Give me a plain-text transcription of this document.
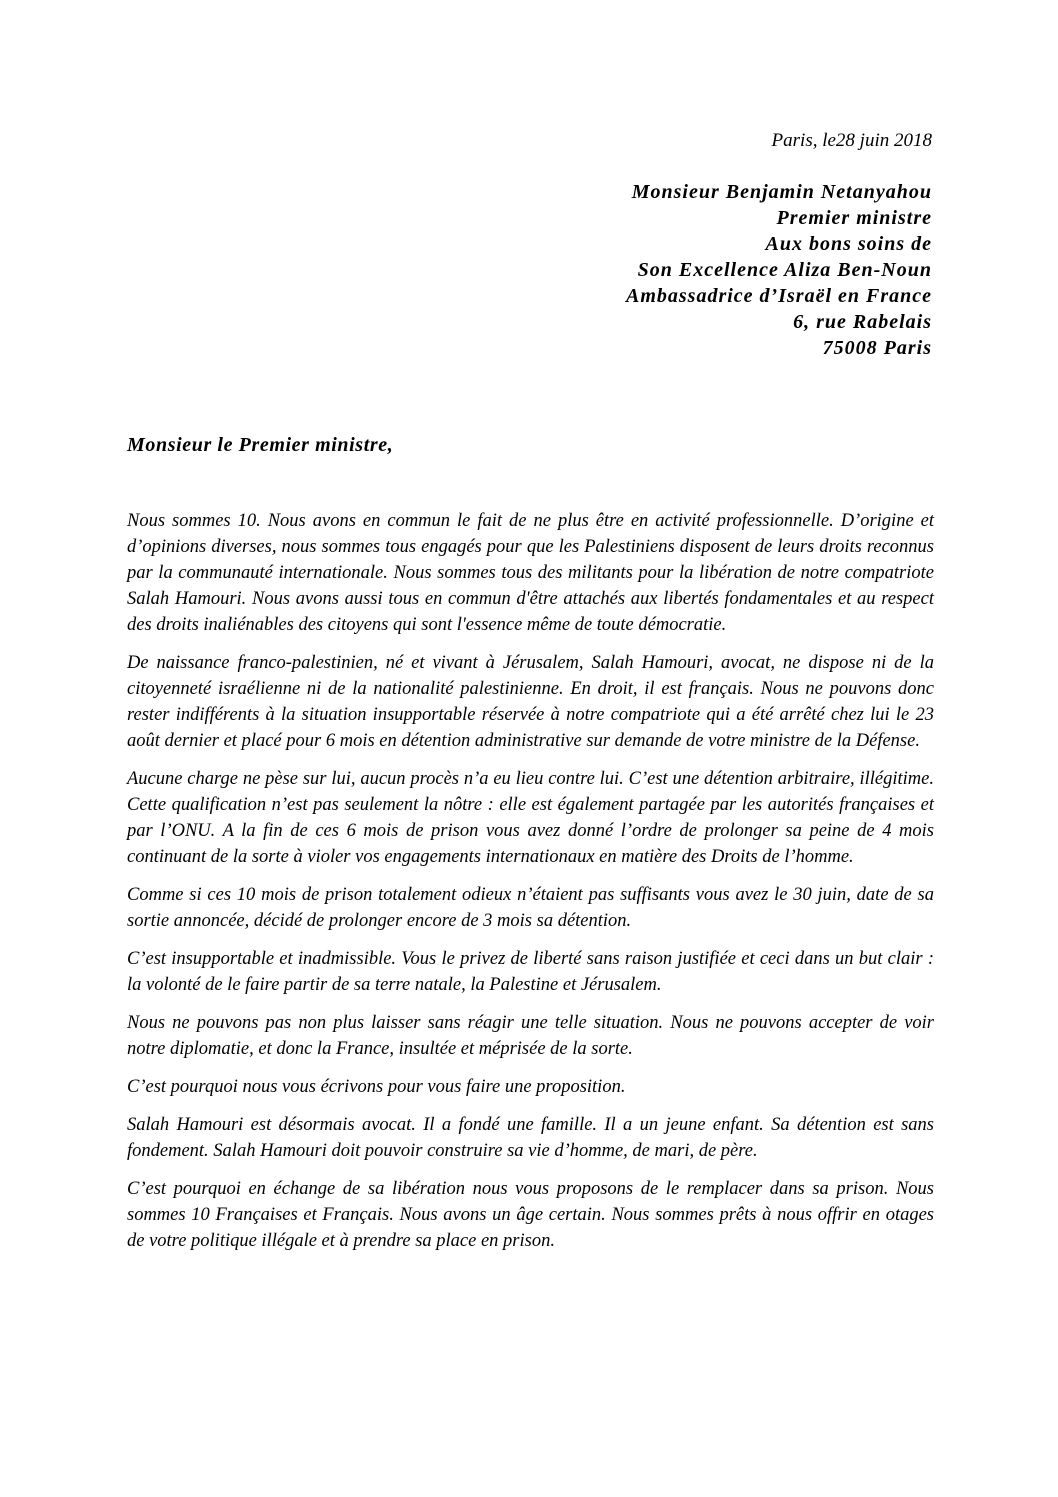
Paris, le28 juin 2018
Monsieur Benjamin Netanyahou
Premier ministre
Aux bons soins de
Son Excellence Aliza Ben-Noun
Ambassadrice d’Israël en France
6, rue Rabelais
75008 Paris
Monsieur le Premier ministre,

Nous sommes 10. Nous avons en commun le fait de ne plus être en activité professionnelle. D’origine et d’opinions diverses, nous sommes tous engagés pour que les Palestiniens disposent de leurs droits reconnus par la communauté internationale. Nous sommes tous des militants pour la libération de notre compatriote Salah Hamouri. Nous avons aussi tous en commun d'être attachés aux libertés fondamentales et au respect des droits inaliénables des citoyens qui sont l'essence même de toute démocratie.

De naissance franco-palestinien, né et vivant à Jérusalem, Salah Hamouri, avocat, ne dispose ni de la citoyenneté israélienne ni de la nationalité palestinienne. En droit, il est français. Nous ne pouvons donc rester indifférents à la situation insupportable réservée à notre compatriote qui a été arrêté chez lui le 23 août dernier et placé pour 6 mois en détention administrative sur demande de votre ministre de la Défense.

Aucune charge ne pèse sur lui, aucun procès n’a eu lieu contre lui. C’est une détention arbitraire, illégitime. Cette qualification n’est pas seulement la nôtre : elle est également partagée par les autorités françaises et par l’ONU. A la fin de ces 6 mois de prison vous avez donné l’ordre de prolonger sa peine de 4 mois continuant de la sorte à violer vos engagements internationaux en matière des Droits de l’homme.

Comme si ces 10 mois de prison totalement odieux n’étaient pas suffisants vous avez le 30 juin, date de sa sortie annoncée, décidé de prolonger encore de 3 mois sa détention.

C’est insupportable et inadmissible. Vous le privez de liberté sans raison justifiée et ceci dans un but clair : la volonté de le faire partir de sa terre natale, la Palestine et Jérusalem.

Nous ne pouvons pas non plus laisser sans réagir une telle situation. Nous ne pouvons accepter de voir notre diplomatie, et donc la France, insultée et méprisée de la sorte.

C’est pourquoi nous vous écrivons pour vous faire une proposition.

Salah Hamouri est désormais avocat. Il a fondé une famille. Il a un jeune enfant. Sa détention est sans fondement. Salah Hamouri doit pouvoir construire sa vie d’homme, de mari, de père.

C’est pourquoi en échange de sa libération nous vous proposons de le remplacer dans sa prison. Nous sommes 10 Françaises et Français. Nous avons un âge certain. Nous sommes prêts à nous offrir en otages de votre politique illégale et à prendre sa place en prison.
